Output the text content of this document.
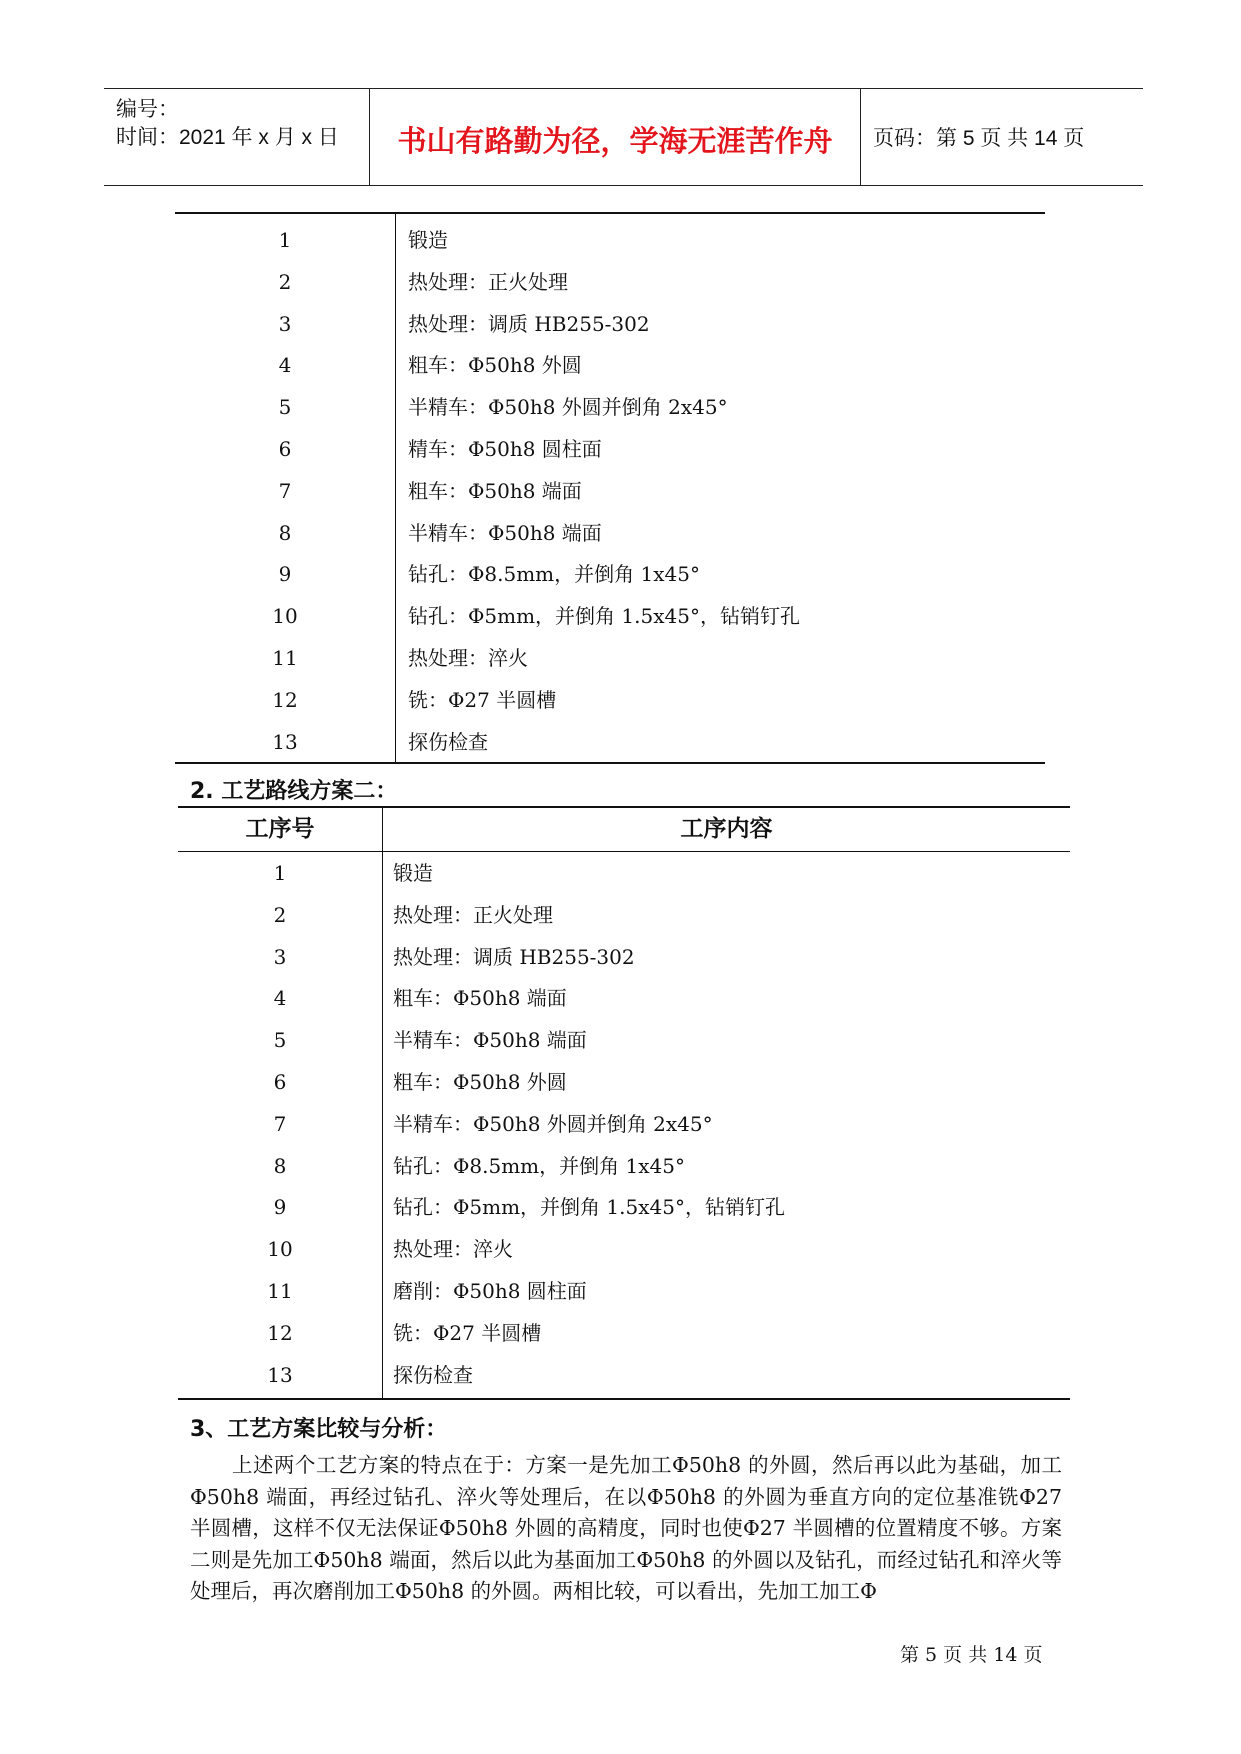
编号：
时间：2021 年 x 月 x 日	书山有路勤为径，学海无涯苦作舟	页码：第 5 页 共 14 页
1	锻造
2	热处理：正火处理
3	热处理：调质 HB255-302
4	粗车：Φ50h8 外圆
5	半精车：Φ50h8 外圆并倒角 2x45°
6	精车：Φ50h8 圆柱面
7	粗车：Φ50h8 端面
8	半精车：Φ50h8 端面
9	钻孔：Φ8.5mm，并倒角 1x45°
10	钻孔：Φ5mm，并倒角 1.5x45°，钻销钉孔
11	热处理：淬火
12	铣：Φ27 半圆槽
13	探伤检查
2. 工艺路线方案二：
工序号	工序内容
1	锻造
2	热处理：正火处理
3	热处理：调质 HB255-302
4	粗车：Φ50h8 端面
5	半精车：Φ50h8 端面
6	粗车：Φ50h8 外圆
7	半精车：Φ50h8 外圆并倒角 2x45°
8	钻孔：Φ8.5mm，并倒角 1x45°
9	钻孔：Φ5mm，并倒角 1.5x45°，钻销钉孔
10	热处理：淬火
11	磨削：Φ50h8 圆柱面
12	铣：Φ27 半圆槽
13	探伤检查
3、工艺方案比较与分析：
上述两个工艺方案的特点在于：方案一是先加工Φ50h8 的外圆，然后再以此为基础，加工Φ50h8 端面，再经过钻孔、淬火等处理后，在以Φ50h8 的外圆为垂直方向的定位基准铣Φ27 半圆槽，这样不仅无法保证Φ50h8 外圆的高精度，同时也使Φ27 半圆槽的位置精度不够。方案二则是先加工Φ50h8 端面，然后以此为基面加工Φ50h8 的外圆以及钻孔，而经过钻孔和淬火等处理后，再次磨削加工Φ50h8 的外圆。两相比较，可以看出，先加工加工Φ
第 5 页 共 14 页
